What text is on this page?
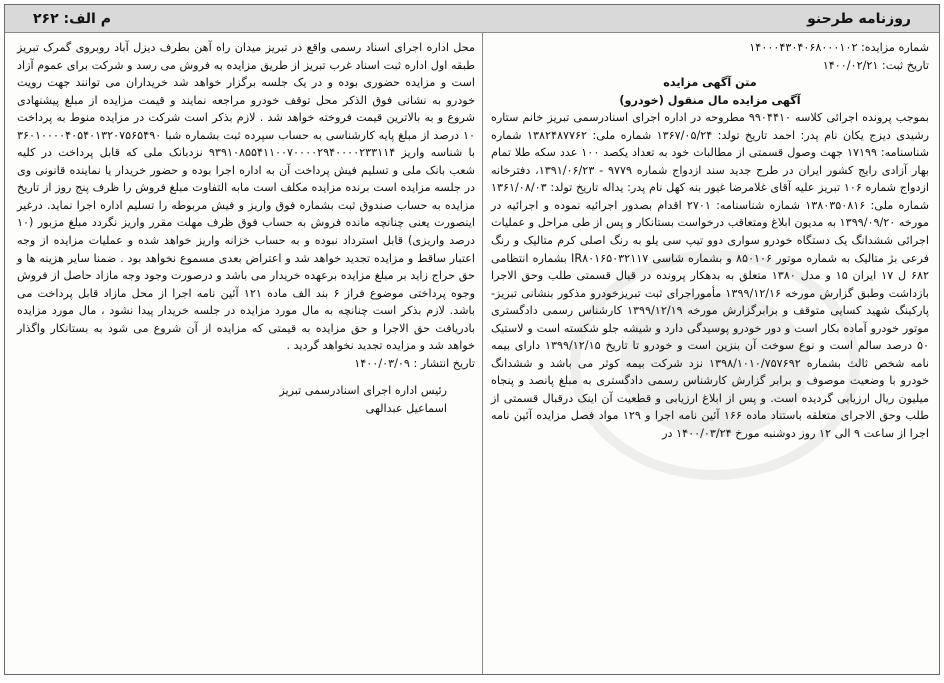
م الف: ۲۶۲	روزنامه طرحنو

شماره مزایده: ۱۴۰۰۰۴۳۰۴۰۶۸۰۰۰۱۰۲

تاریخ ثبت: ۱۴۰۰/۰۲/۲۱

متن آگهی مزایده

آگهی مزایده مال منقول (خودرو)

بموجب پرونده اجرائی کلاسه ۹۹۰۴۴۱۰ مطروحه در اداره اجرای اسنادرسمی تبریز خانم ستاره رشیدی دیزج یکان نام پدر: احمد تاریخ تولد: ۱۳۶۷/۰۵/۲۴ شماره ملی: ۱۳۸۲۴۸۷۷۶۲ شماره شناسنامه: ۱۷۱۹۹ جهت وصول قسمتی از مطالبات خود به تعداد یکصد ۱۰۰ عدد سکه طلا تمام بهار آزادی رایج کشور ایران در طرح جدید سند ازدواج شماره ۹۷۷۹ - ۱۳۹۱/۰۶/۲۳، دفترخانه ازدواج شماره ۱۰۶ تبریز علیه آقای غلامرضا غیور بنه کهل نام پدر: یداله تاریخ تولد: ۱۳۶۱/۰۸/۰۳ شماره ملی: ۱۳۸۰۳۵۰۸۱۶ شماره شناسنامه: ۲۷۰۱ اقدام بصدور اجرائیه نموده و اجرائیه در مورخه ۱۳۹۹/۰۹/۲۰ به مدیون ابلاغ ومتعاقب درخواست بستانکار و پس از طی مراحل و عملیات اجرائی ششدانگ یک دستگاه خودرو سواری دوو تیپ سی یلو به رنگ اصلی کرم متالیک و رنگ فرعی بژ متالیک به شماره موتور ۸۵۰۱۰۶ و بشماره شاسی IR۸۰۱۶۵۰۳۲۱۱۷ بشماره انتظامی ۶۸۲ ل ۱۷ ایران ۱۵ و مدل ۱۳۸۰ متعلق به بدهکار پرونده در قبال قسمتی طلب وحق الاجرا بازداشت وطبق گزارش مورخه ۱۳۹۹/۱۲/۱۶ مأموراجرای ثبت تبریزخودرو مذکور بنشانی تبریز- پارکینگ شهید کسایی متوقف و برابرگزارش مورخه ۱۳۹۹/۱۲/۱۹ کارشناس رسمی دادگستری موتور خودرو آماده بکار است و دور خودرو پوسیدگی دارد و شیشه جلو شکسته است و لاستیک ۵۰ درصد سالم است و نوع سوخت آن بنزین است و خودرو تا تاریخ ۱۳۹۹/۱۲/۱۵ دارای بیمه نامه شخص ثالث بشماره ۱۳۹۸/۱۰۱۰/۷۵۷۶۹۲ نزد شرکت بیمه کوثر می باشد و ششدانگ خودرو با وضعیت موصوف و برابر گزارش کارشناس رسمی دادگستری به مبلغ پانصد و پنجاه میلیون ریال ارزیابی گردیده است. و پس از ابلاغ ارزیابی و قطعیت آن اینک درقبال قسمتی از طلب وحق الاجرای متعلقه باستناد ماده ۱۶۶ آئین نامه اجرا و ۱۲۹ مواد فصل مزایده آئین نامه اجرا از ساعت ۹ الی ۱۲ روز دوشنبه مورخ ۱۴۰۰/۰۳/۲۴ در

محل اداره اجرای اسناد رسمی واقع در تبریز میدان راه آهن بطرف دیزل آباد روبروی گمرک تبریز طبقه اول اداره ثبت اسناد غرب تبریز از طریق مزایده به فروش می رسد و شرکت برای عموم آزاد است و مزایده حضوری بوده و در یک جلسه برگزار خواهد شد خریداران می توانند جهت رویت خودرو به نشانی فوق الذکر محل توقف خودرو مراجعه نمایند و قیمت مزایده از مبلغ پیشنهادی شروع و به بالاترین قیمت فروخته خواهد شد . لازم بذکر است شرکت در مزایده منوط به پرداخت ۱۰ درصد از مبلغ پایه کارشناسی به حساب سپرده ثبت بشماره شبا ۳۶۰۱۰۰۰۰۴۰۵۴۰۱۳۲۰۷۵۶۵۴۹۰ با شناسه واریز ۹۳۹۱۰۸۵۵۴۱۱۰۰۷۰۰۰۰۲۹۴۰۰۰۰۲۳۳۱۱۴ نزدبانک ملی که قابل پرداخت در کلیه شعب بانک ملی و تسلیم فیش پرداخت آن به اداره اجرا بوده و حضور خریدار یا نماینده قانونی وی در جلسه مزایده است برنده مزایده مکلف است مابه التفاوت مبلغ فروش را ظرف پنج روز از تاریخ مزایده به حساب صندوق ثبت بشماره فوق واریز و فیش مربوطه را تسلیم اداره اجرا نماید. درغیر اینصورت یعنی چنانچه مانده فروش به حساب فوق ظرف مهلت مقرر واریز نگردد مبلغ مزبور (۱۰ درصد واریزی) قابل استرداد نبوده و به حساب خزانه واریز خواهد شده و عملیات مزایده از وجه اعتبار ساقط و مزایده تجدید خواهد شد و اعتراض بعدی مسموع نخواهد بود . ضمنا سایر هزینه ها و حق حراج زاید بر مبلغ مزایده برعهده خریدار می باشد و درصورت وجود وجه مازاد حاصل از فروش وجوه پرداختی موضوع فراز ۶ بند الف ماده ۱۲۱ آئین نامه اجرا از محل مازاد قابل پرداخت می باشد. لازم بذکر است چنانچه به مال مورد مزایده در جلسه خریدار پیدا نشود ، مال مورد مزایده بادریافت حق الاجرا و حق مزایده به قیمتی که مزایده از آن شروع می شود به بستانکار واگذار خواهد شد و مزایده تجدید نخواهد گردید .

تاریخ انتشار : ۱۴۰۰/۰۳/۰۹

رئیس اداره اجرای اسنادرسمی تبریز
اسماعیل عبدالهی
